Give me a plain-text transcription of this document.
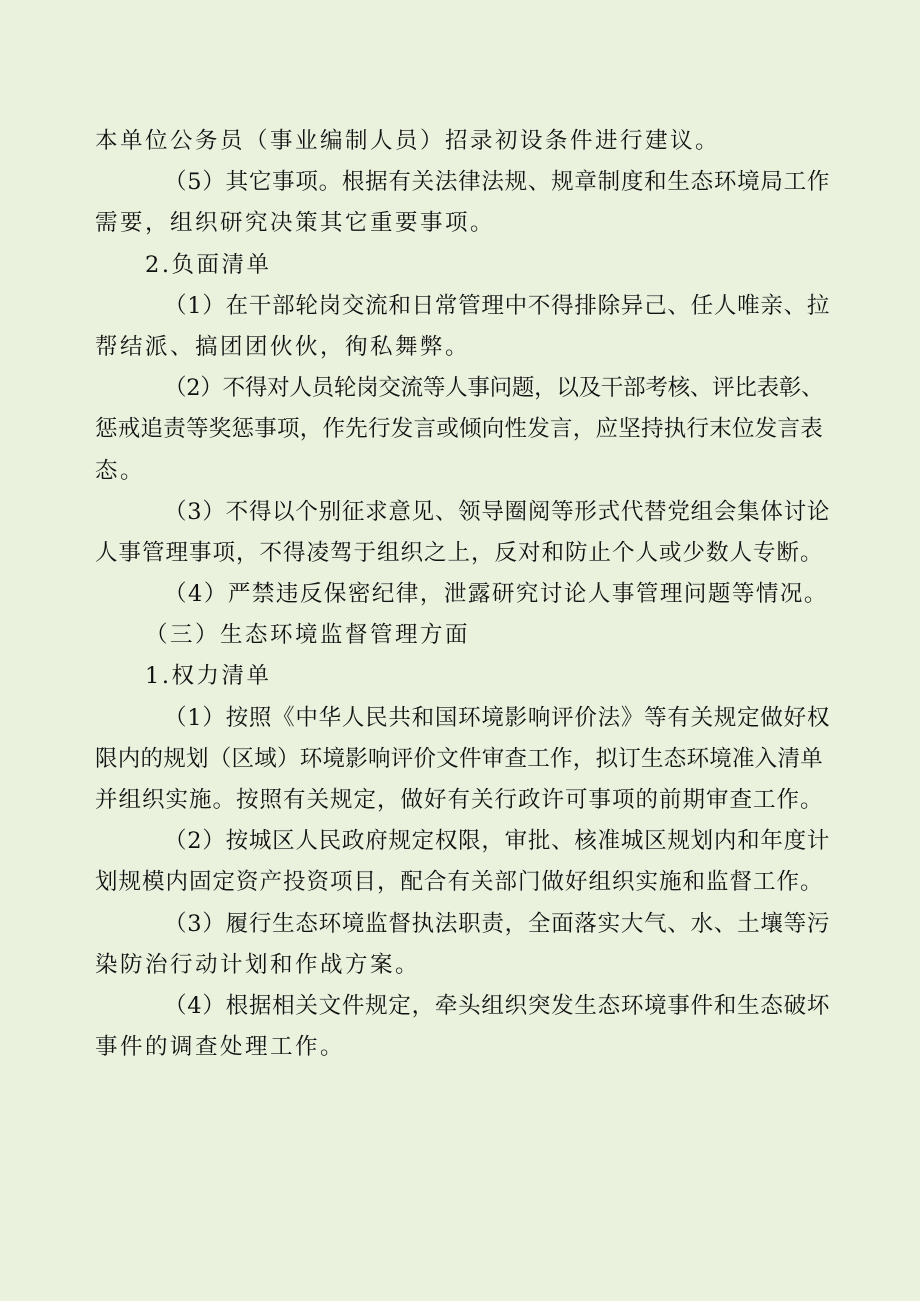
本单位公务员（事业编制人员）招录初设条件进行建议。
（5）其它事项。根据有关法律法规、规章制度和生态环境局工作
需要，组织研究决策其它重要事项。
2.负面清单
（1）在干部轮岗交流和日常管理中不得排除异己、任人唯亲、拉
帮结派、搞团团伙伙，徇私舞弊。
（2）不得对人员轮岗交流等人事问题，以及干部考核、评比表彰、
惩戒追责等奖惩事项，作先行发言或倾向性发言，应坚持执行末位发言表
态。
（3）不得以个别征求意见、领导圈阅等形式代替党组会集体讨论
人事管理事项，不得凌驾于组织之上，反对和防止个人或少数人专断。
（4）严禁违反保密纪律，泄露研究讨论人事管理问题等情况。
（三）生态环境监督管理方面
1.权力清单
（1）按照《中华人民共和国环境影响评价法》等有关规定做好权
限内的规划（区域）环境影响评价文件审查工作，拟订生态环境准入清单
并组织实施。按照有关规定，做好有关行政许可事项的前期审查工作。
（2）按城区人民政府规定权限，审批、核准城区规划内和年度计
划规模内固定资产投资项目，配合有关部门做好组织实施和监督工作。
（3）履行生态环境监督执法职责，全面落实大气、水、土壤等污
染防治行动计划和作战方案。
（4）根据相关文件规定，牵头组织突发生态环境事件和生态破坏
事件的调查处理工作。
